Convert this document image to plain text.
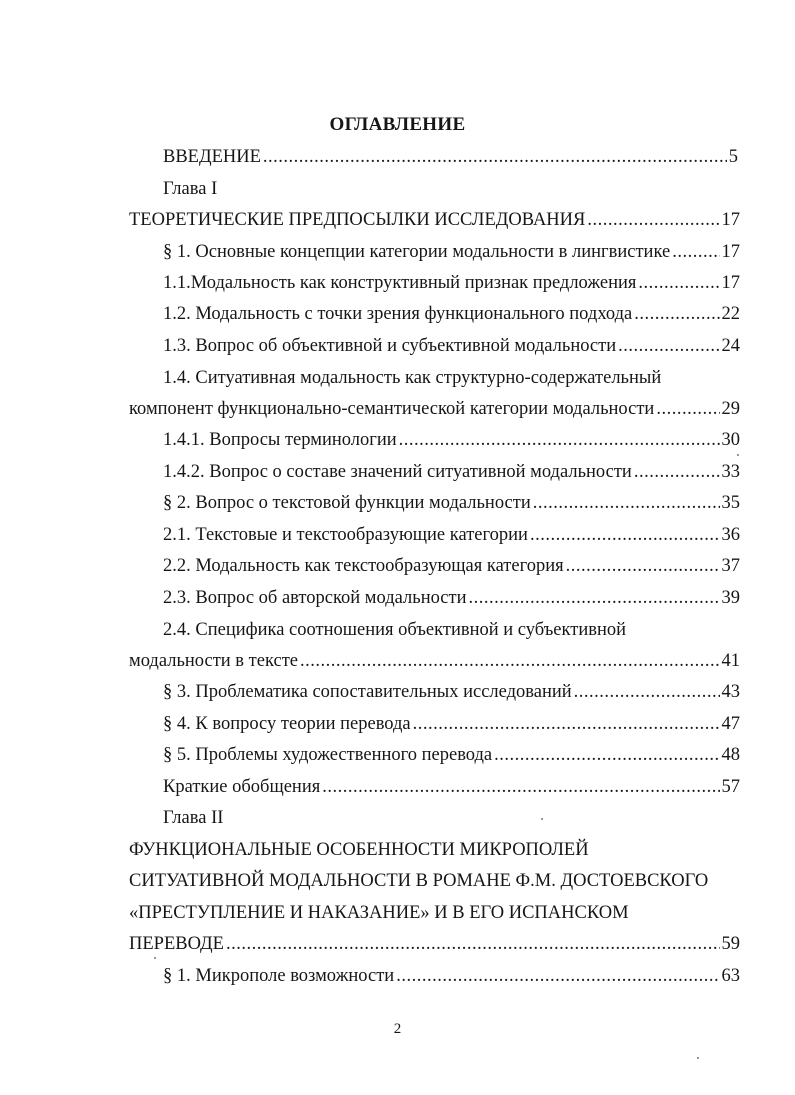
ОГЛАВЛЕНИЕ
ВВЕДЕНИЕ .....	5
Глава I
ТЕОРЕТИЧЕСКИЕ ПРЕДПОСЫЛКИ ИССЛЕДОВАНИЯ .....	17
§ 1. Основные концепции категории модальности в лингвистике .....	17
1.1.Модальность как конструктивный признак предложения .....	17
1.2. Модальность с точки зрения функционального подхода .....	22
1.3. Вопрос об объективной и субъективной модальности .....	24
1.4. Ситуативная модальность как структурно-содержательный
компонент функционально-семантической категории модальности .....	29
1.4.1. Вопросы терминологии .....	30
1.4.2. Вопрос о составе значений ситуативной модальности .....	33
§ 2. Вопрос о текстовой функции модальности .....	35
2.1. Текстовые и текстообразующие категории .....	36
2.2. Модальность как текстообразующая категория .....	37
2.3. Вопрос об авторской модальности .....	39
2.4. Специфика соотношения объективной и субъективной
модальности в тексте .....	41
§ 3. Проблематика сопоставительных исследований .....	43
§ 4. К вопросу теории перевода .....	47
§ 5. Проблемы художественного перевода .....	48
Краткие обобщения .....	57
Глава II
ФУНКЦИОНАЛЬНЫЕ ОСОБЕННОСТИ МИКРОПОЛЕЙ
СИТУАТИВНОЙ МОДАЛЬНОСТИ В РОМАНЕ Ф.М. ДОСТОЕВСКОГО
«ПРЕСТУПЛЕНИЕ И НАКАЗАНИЕ» И В ЕГО ИСПАНСКОМ
ПЕРЕВОДЕ .....	59
§ 1. Микрополе возможности .....	63
2
